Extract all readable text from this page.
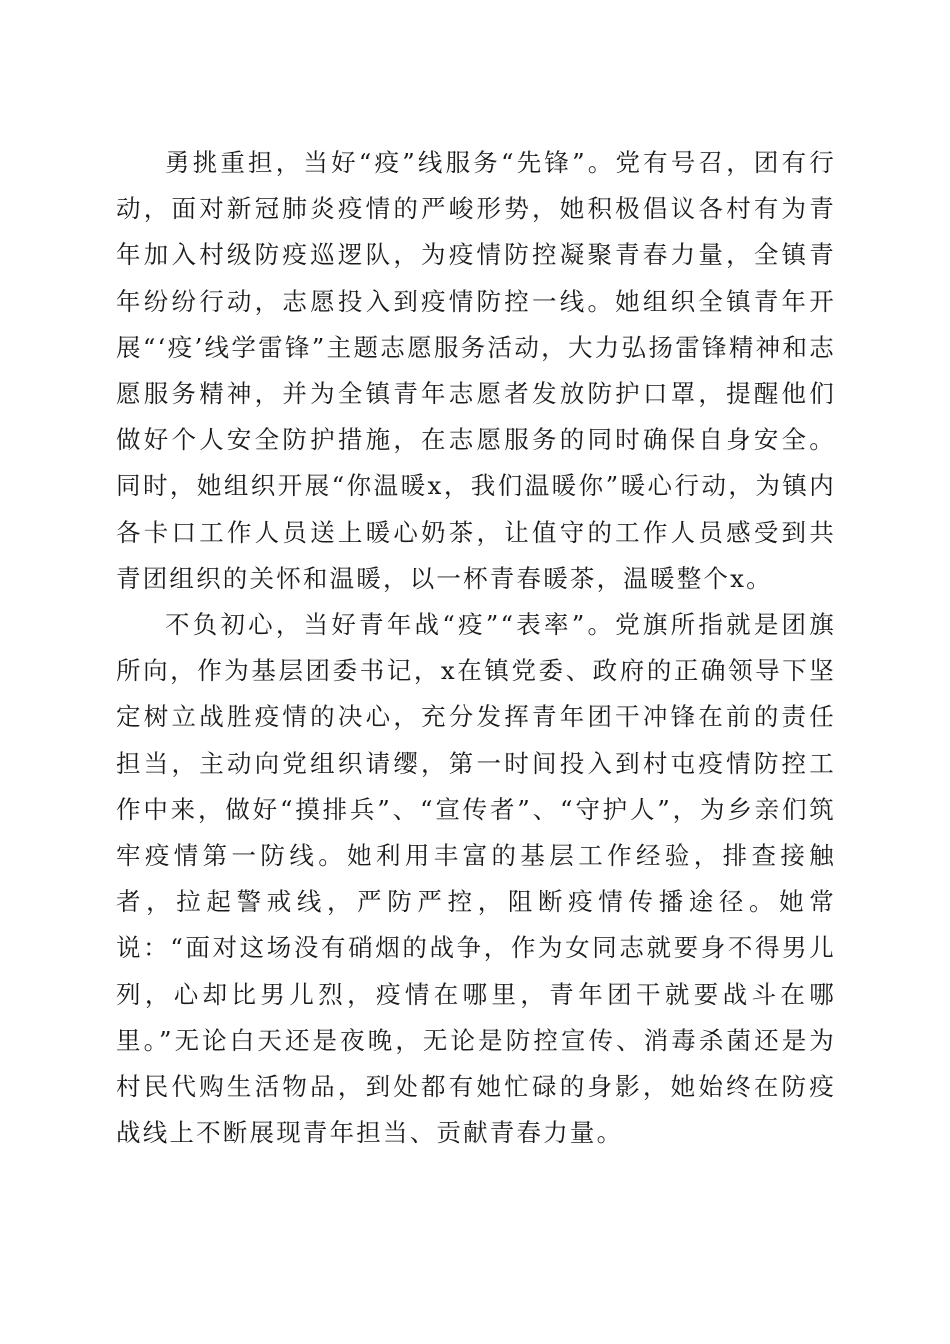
勇挑重担，当好“疫”线服务“先锋”。党有号召，团有行动，面对新冠肺炎疫情的严峻形势，她积极倡议各村有为青年加入村级防疫巡逻队，为疫情防控凝聚青春力量，全镇青年纷纷行动，志愿投入到疫情防控一线。她组织全镇青年开展“‘疫’线学雷锋”主题志愿服务活动，大力弘扬雷锋精神和志愿服务精神，并为全镇青年志愿者发放防护口罩，提醒他们做好个人安全防护措施，在志愿服务的同时确保自身安全。同时，她组织开展“你温暖x，我们温暖你”暖心行动，为镇内各卡口工作人员送上暖心奶茶，让值守的工作人员感受到共青团组织的关怀和温暖，以一杯青春暖茶，温暖整个x。

不负初心，当好青年战“疫”“表率”。党旗所指就是团旗所向，作为基层团委书记，x在镇党委、政府的正确领导下坚定树立战胜疫情的决心，充分发挥青年团干冲锋在前的责任担当，主动向党组织请缨，第一时间投入到村屯疫情防控工作中来，做好“摸排兵”、“宣传者”、“守护人”，为乡亲们筑牢疫情第一防线。她利用丰富的基层工作经验，排查接触者，拉起警戒线，严防严控，阻断疫情传播途径。她常说：“面对这场没有硝烟的战争，作为女同志就要身不得男儿列，心却比男儿烈，疫情在哪里，青年团干就要战斗在哪里。”无论白天还是夜晚，无论是防控宣传、消毒杀菌还是为村民代购生活物品，到处都有她忙碌的身影，她始终在防疫战线上不断展现青年担当、贡献青春力量。
